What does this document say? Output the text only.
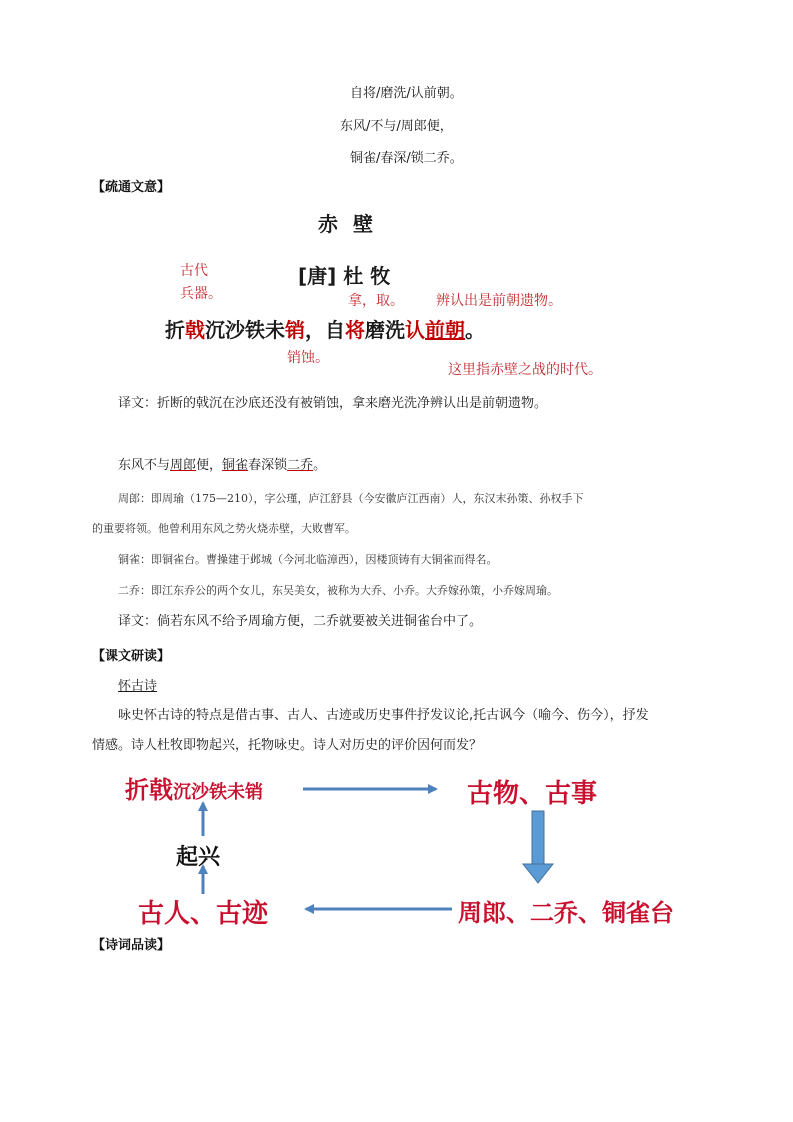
自将/磨洗/认前朝。
东风/不与/周郎便，
铜雀/春深/锁二乔。
【疏通文意】
赤 壁
古代
兵器。
[唐] 杜 牧
拿，取。 辨认出是前朝遗物。
折戟沉沙铁未销，自将磨洗认前朝。
销蚀。
这里指赤壁之战的时代。
译文：折断的戟沉在沙底还没有被销蚀，拿来磨光洗净辨认出是前朝遗物。
东风不与周郎便，铜雀春深锁二乔。
周郎：即周瑜（175—210），字公瑾，庐江舒县（今安徽庐江西南）人，东汉末孙策、孙权手下
的重要将领。他曾利用东风之势火烧赤壁，大败曹军。
铜雀：即铜雀台。曹操建于邺城（今河北临漳西），因楼顶铸有大铜雀而得名。
二乔：即江东乔公的两个女儿，东吴美女，被称为大乔、小乔。大乔嫁孙策，小乔嫁周瑜。
译文：倘若东风不给予周瑜方便，二乔就要被关进铜雀台中了。
【课文研读】
怀古诗
咏史怀古诗的特点是借古事、古人、古迹或历史事件抒发议论,托古讽今（喻今、伤今），抒发
情感。诗人杜牧即物起兴，托物咏史。诗人对历史的评价因何而发？
折戟沉沙铁未销	古物、古事
起兴
周郎、二乔、铜雀台
古人、古迹
【诗词品读】
